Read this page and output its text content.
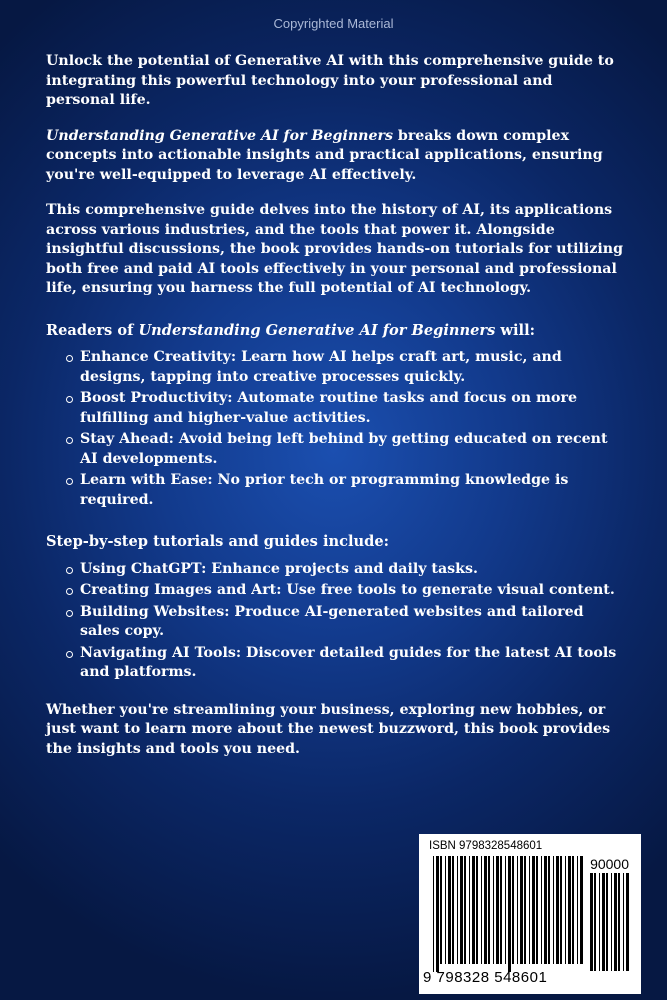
Copyrighted Material

Unlock the potential of Generative AI with this comprehensive guide to integrating this powerful technology into your professional and personal life.

Understanding Generative AI for Beginners breaks down complex concepts into actionable insights and practical applications, ensuring you're well-equipped to leverage AI effectively.

This comprehensive guide delves into the history of AI, its applications across various industries, and the tools that power it. Alongside insightful discussions, the book provides hands-on tutorials for utilizing both free and paid AI tools effectively in your personal and professional life, ensuring you harness the full potential of AI technology.

Readers of Understanding Generative AI for Beginners will:
Enhance Creativity: Learn how AI helps craft art, music, and designs, tapping into creative processes quickly.
Boost Productivity: Automate routine tasks and focus on more fulfilling and higher-value activities.
Stay Ahead: Avoid being left behind by getting educated on recent AI developments.
Learn with Ease: No prior tech or programming knowledge is required.
Step-by-step tutorials and guides include:
Using ChatGPT: Enhance projects and daily tasks.
Creating Images and Art: Use free tools to generate visual content.
Building Websites: Produce AI-generated websites and tailored sales copy.
Navigating AI Tools: Discover detailed guides for the latest AI tools and platforms.

Whether you're streamlining your business, exploring new hobbies, or just want to learn more about the newest buzzword, this book provides the insights and tools you need.

ISBN 9798328548601
90000
9 798328 548601
